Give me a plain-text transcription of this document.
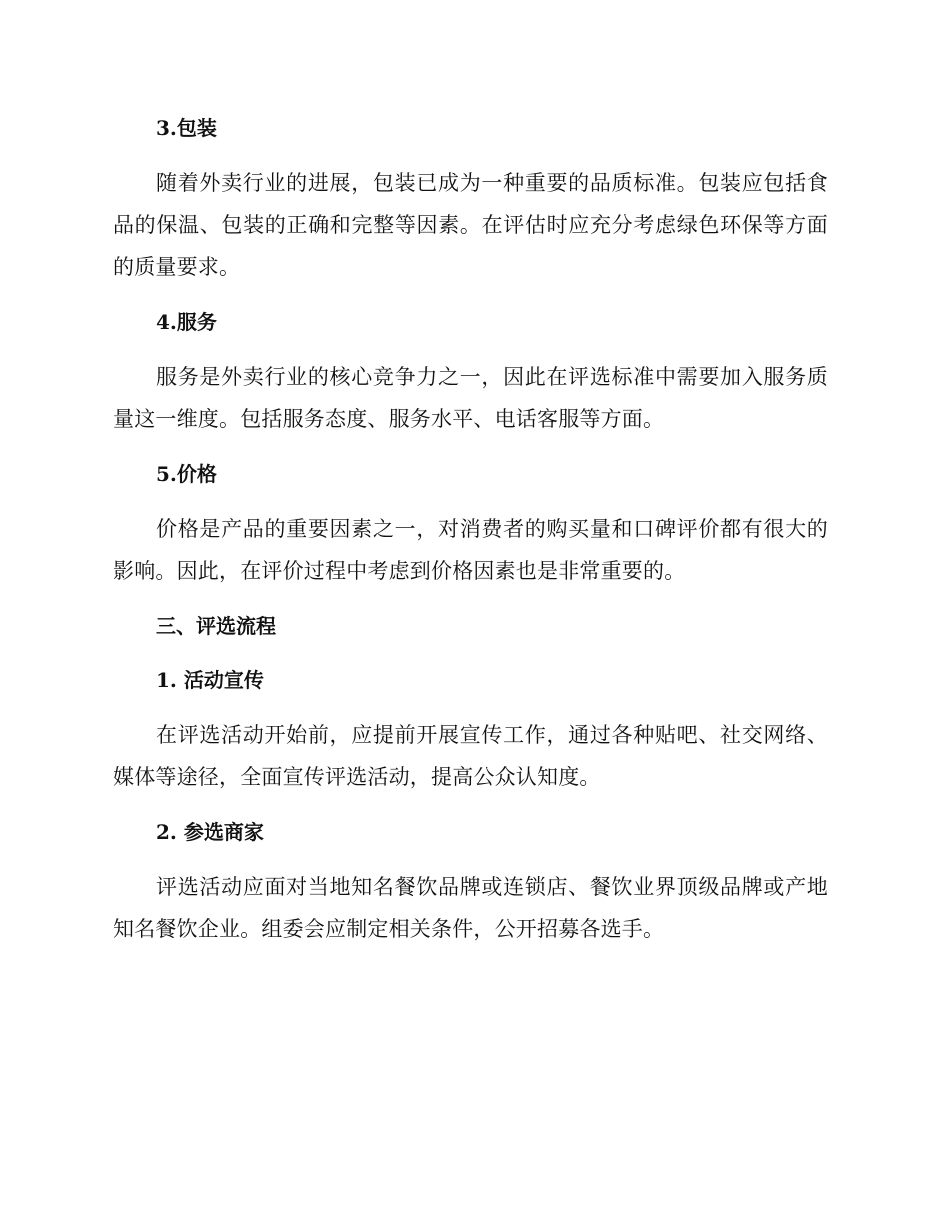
3.包装
随着外卖行业的进展，包装已成为一种重要的品质标准。包装应包括食品的保温、包装的正确和完整等因素。在评估时应充分考虑绿色环保等方面的质量要求。
4.服务
服务是外卖行业的核心竞争力之一，因此在评选标准中需要加入服务质量这一维度。包括服务态度、服务水平、电话客服等方面。
5.价格
价格是产品的重要因素之一，对消费者的购买量和口碑评价都有很大的影响。因此，在评价过程中考虑到价格因素也是非常重要的。
三、评选流程
1. 活动宣传
在评选活动开始前，应提前开展宣传工作，通过各种贴吧、社交网络、媒体等途径，全面宣传评选活动，提高公众认知度。
2. 参选商家
评选活动应面对当地知名餐饮品牌或连锁店、餐饮业界顶级品牌或产地知名餐饮企业。组委会应制定相关条件，公开招募各选手。
